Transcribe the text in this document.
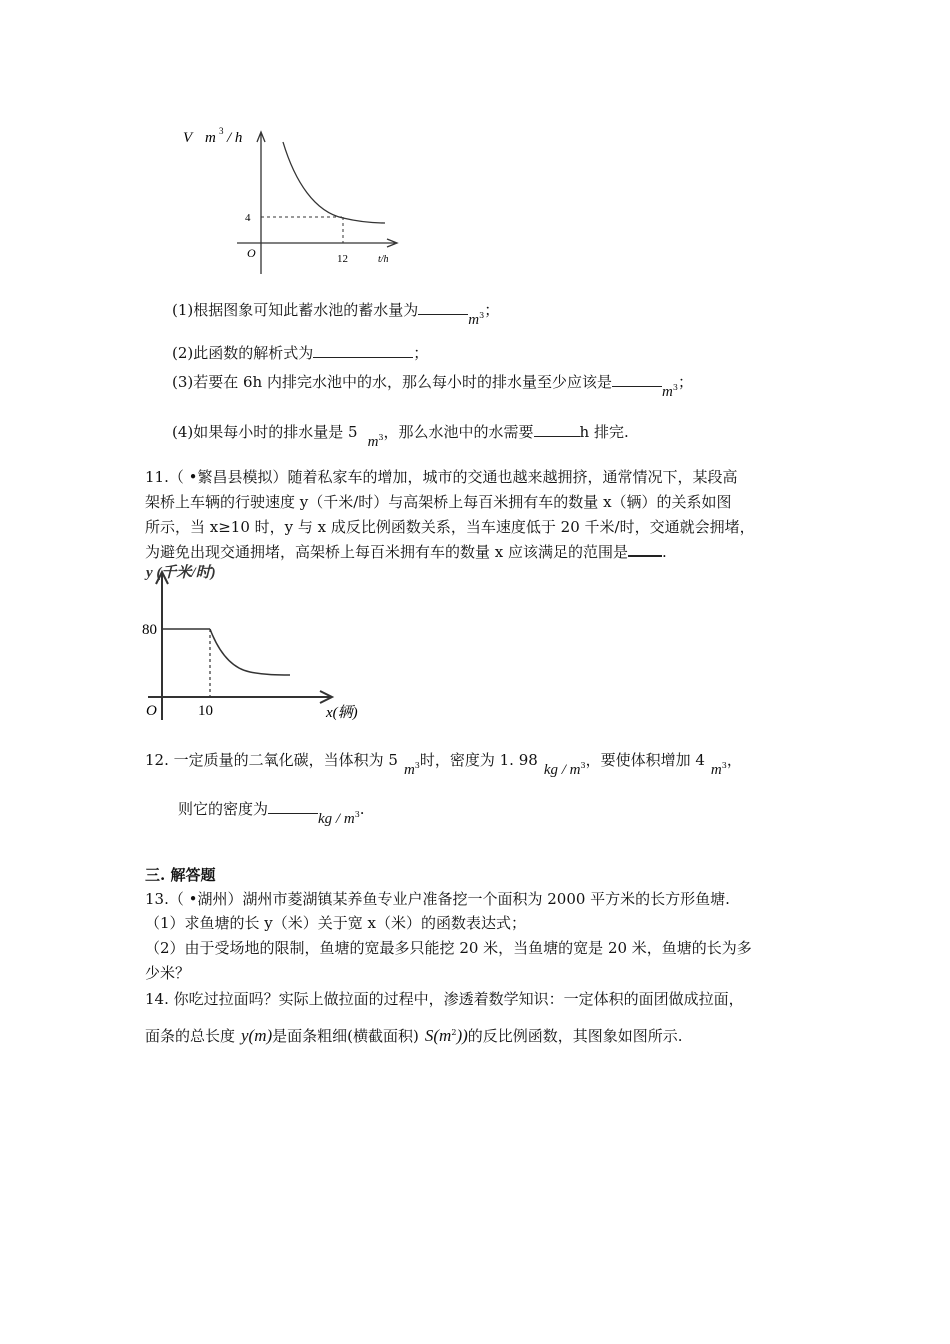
V m 3 / h
4
O	12	t/h
(1)根据图象可知此蓄水池的蓄水量为$m^3$；
(2)此函数的解析式为	；
(3)若要在 6h 内排完水池中的水，那么每小时的排水量至少应该是$m^3$；
(4)如果每小时的排水量是 $5m^3$，那么水池中的水需要	h 排完.
11.（ •繁昌县模拟）随着私家车的增加，城市的交通也越来越拥挤，通常情况下，某段高
架桥上车辆的行驶速度 y（千米/时）与高架桥上每百米拥有车的数量 x（辆）的关系如图
所示，当 x≥10 时，y 与 x 成反比例函数关系，当车速度低于 20 千米/时，交通就会拥堵，
为避免出现交通拥堵，高架桥上每百米拥有车的数量 x 应该满足的范围是 .
y (千米/时)
80
O	10	x(辆)
12. 一定质量的二氧化碳，当体积为 $5m^3$时，密度为 1. $98kg / m^3$，要使体积增加 $4m^3$，
则它的密度为kg / $m^3$.
三. 解答题
13.（ •湖州）湖州市菱湖镇某养鱼专业户准备挖一个面积为 2000 平方米的长方形鱼塘.
（1）求鱼塘的长 y（米）关于宽 x（米）的函数表达式；
（2）由于受场地的限制，鱼塘的宽最多只能挖 20 米，当鱼塘的宽是 20 米，鱼塘的长为多
少米？
14. 你吃过拉面吗？实际上做拉面的过程中，渗透着数学知识：一定体积的面团做成拉面，
面条的总长度 y(m)是面条粗细(横截面积) $S(m^2)$)的反比例函数，其图象如图所示.
